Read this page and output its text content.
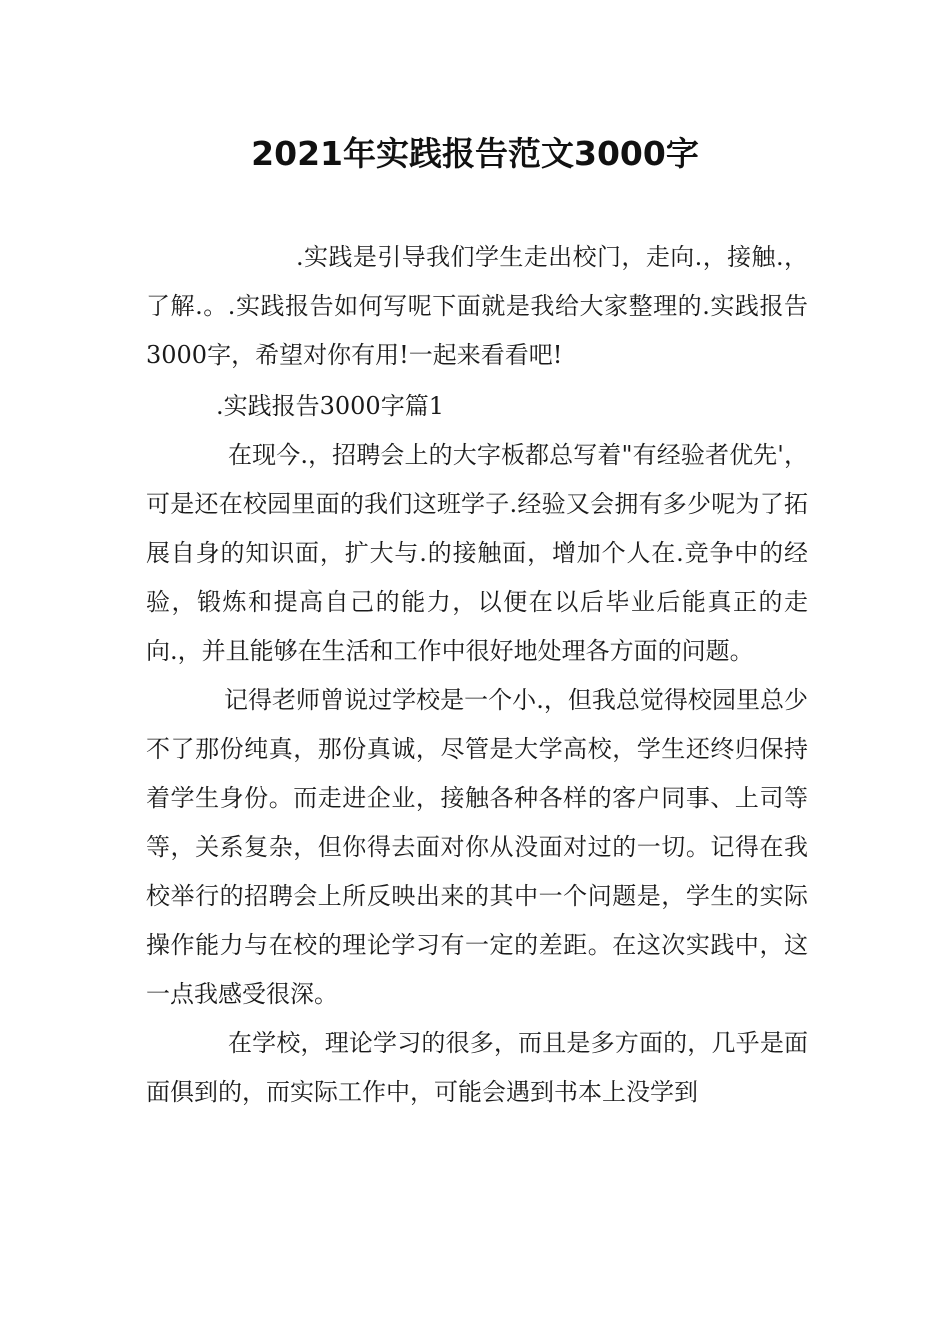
2021年实践报告范文3000字

.实践是引导我们学生走出校门，走向.，接触.，了解.。.实践报告如何写呢下面就是我给大家整理的.实践报告3000字，希望对你有用!一起来看看吧!

.实践报告3000字篇1

在现今.，招聘会上的大字板都总写着"有经验者优先'，可是还在校园里面的我们这班学子.经验又会拥有多少呢为了拓展自身的知识面，扩大与.的接触面，增加个人在.竞争中的经验，锻炼和提高自己的能力，以便在以后毕业后能真正的走向.，并且能够在生活和工作中很好地处理各方面的问题。

记得老师曾说过学校是一个小.，但我总觉得校园里总少不了那份纯真，那份真诚，尽管是大学高校，学生还终归保持着学生身份。而走进企业，接触各种各样的客户同事、上司等等，关系复杂，但你得去面对你从没面对过的一切。记得在我校举行的招聘会上所反映出来的其中一个问题是，学生的实际操作能力与在校的理论学习有一定的差距。在这次实践中，这一点我感受很深。

在学校，理论学习的很多，而且是多方面的，几乎是面面俱到的，而实际工作中，可能会遇到书本上没学到
